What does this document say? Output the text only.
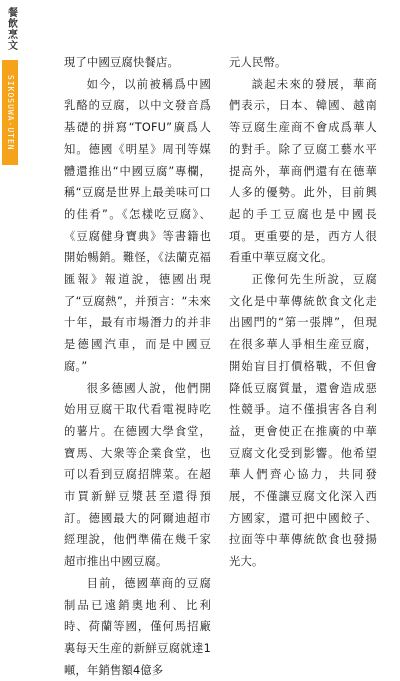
餐飲烹文
SIKOSUWA·UTEN

現了中國豆腐快餐店。

如今，以前被稱爲中國乳酪的豆腐，以中文發音爲基礎的拼寫“TOFU”廣爲人知。德國《明星》周刊等媒體還推出“中國豆腐”專欄，稱“豆腐是世界上最美味可口的佳肴”。《怎樣吃豆腐》、《豆腐健身寶典》等書籍也開始暢銷。難怪，《法蘭克福匯報》報道說，德國出現了“豆腐熱”，并預言：“未來十年，最有市場潛力的并非是德國汽車，而是中國豆腐。”

很多德國人說，他們開始用豆腐干取代看電視時吃的薯片。在德國大學食堂，寶馬、大衆等企業食堂，也可以看到豆腐招牌菜。在超市買新鮮豆漿甚至還得預訂。德國最大的阿爾迪超市經理說，他們準備在幾千家超市推出中國豆腐。

目前，德國華商的豆腐制品已遠銷奧地利、比利時、荷蘭等國，僅何馬招廠裏每天生産的新鮮豆腐就達1噸，年銷售額4億多

元人民幣。

談起未來的發展，華商們表示，日本、韓國、越南等豆腐生産商不會成爲華人的對手。除了豆腐工藝水平提高外，華商們還有在德華人多的優勢。此外，目前興起的手工豆腐也是中國長項。更重要的是，西方人很看重中華豆腐文化。

正像何先生所說，豆腐文化是中華傳統飲食文化走出國門的“第一張牌”，但現在很多華人爭相生産豆腐，開始盲目打價格戰，不但會降低豆腐質量，還會造成惡性競爭。這不僅損害各自利益，更會使正在推廣的中華豆腐文化受到影響。他希望華人們齊心協力，共同發展，不僅讓豆腐文化深入西方國家，還可把中國餃子、拉面等中華傳統飲食也發揚光大。
